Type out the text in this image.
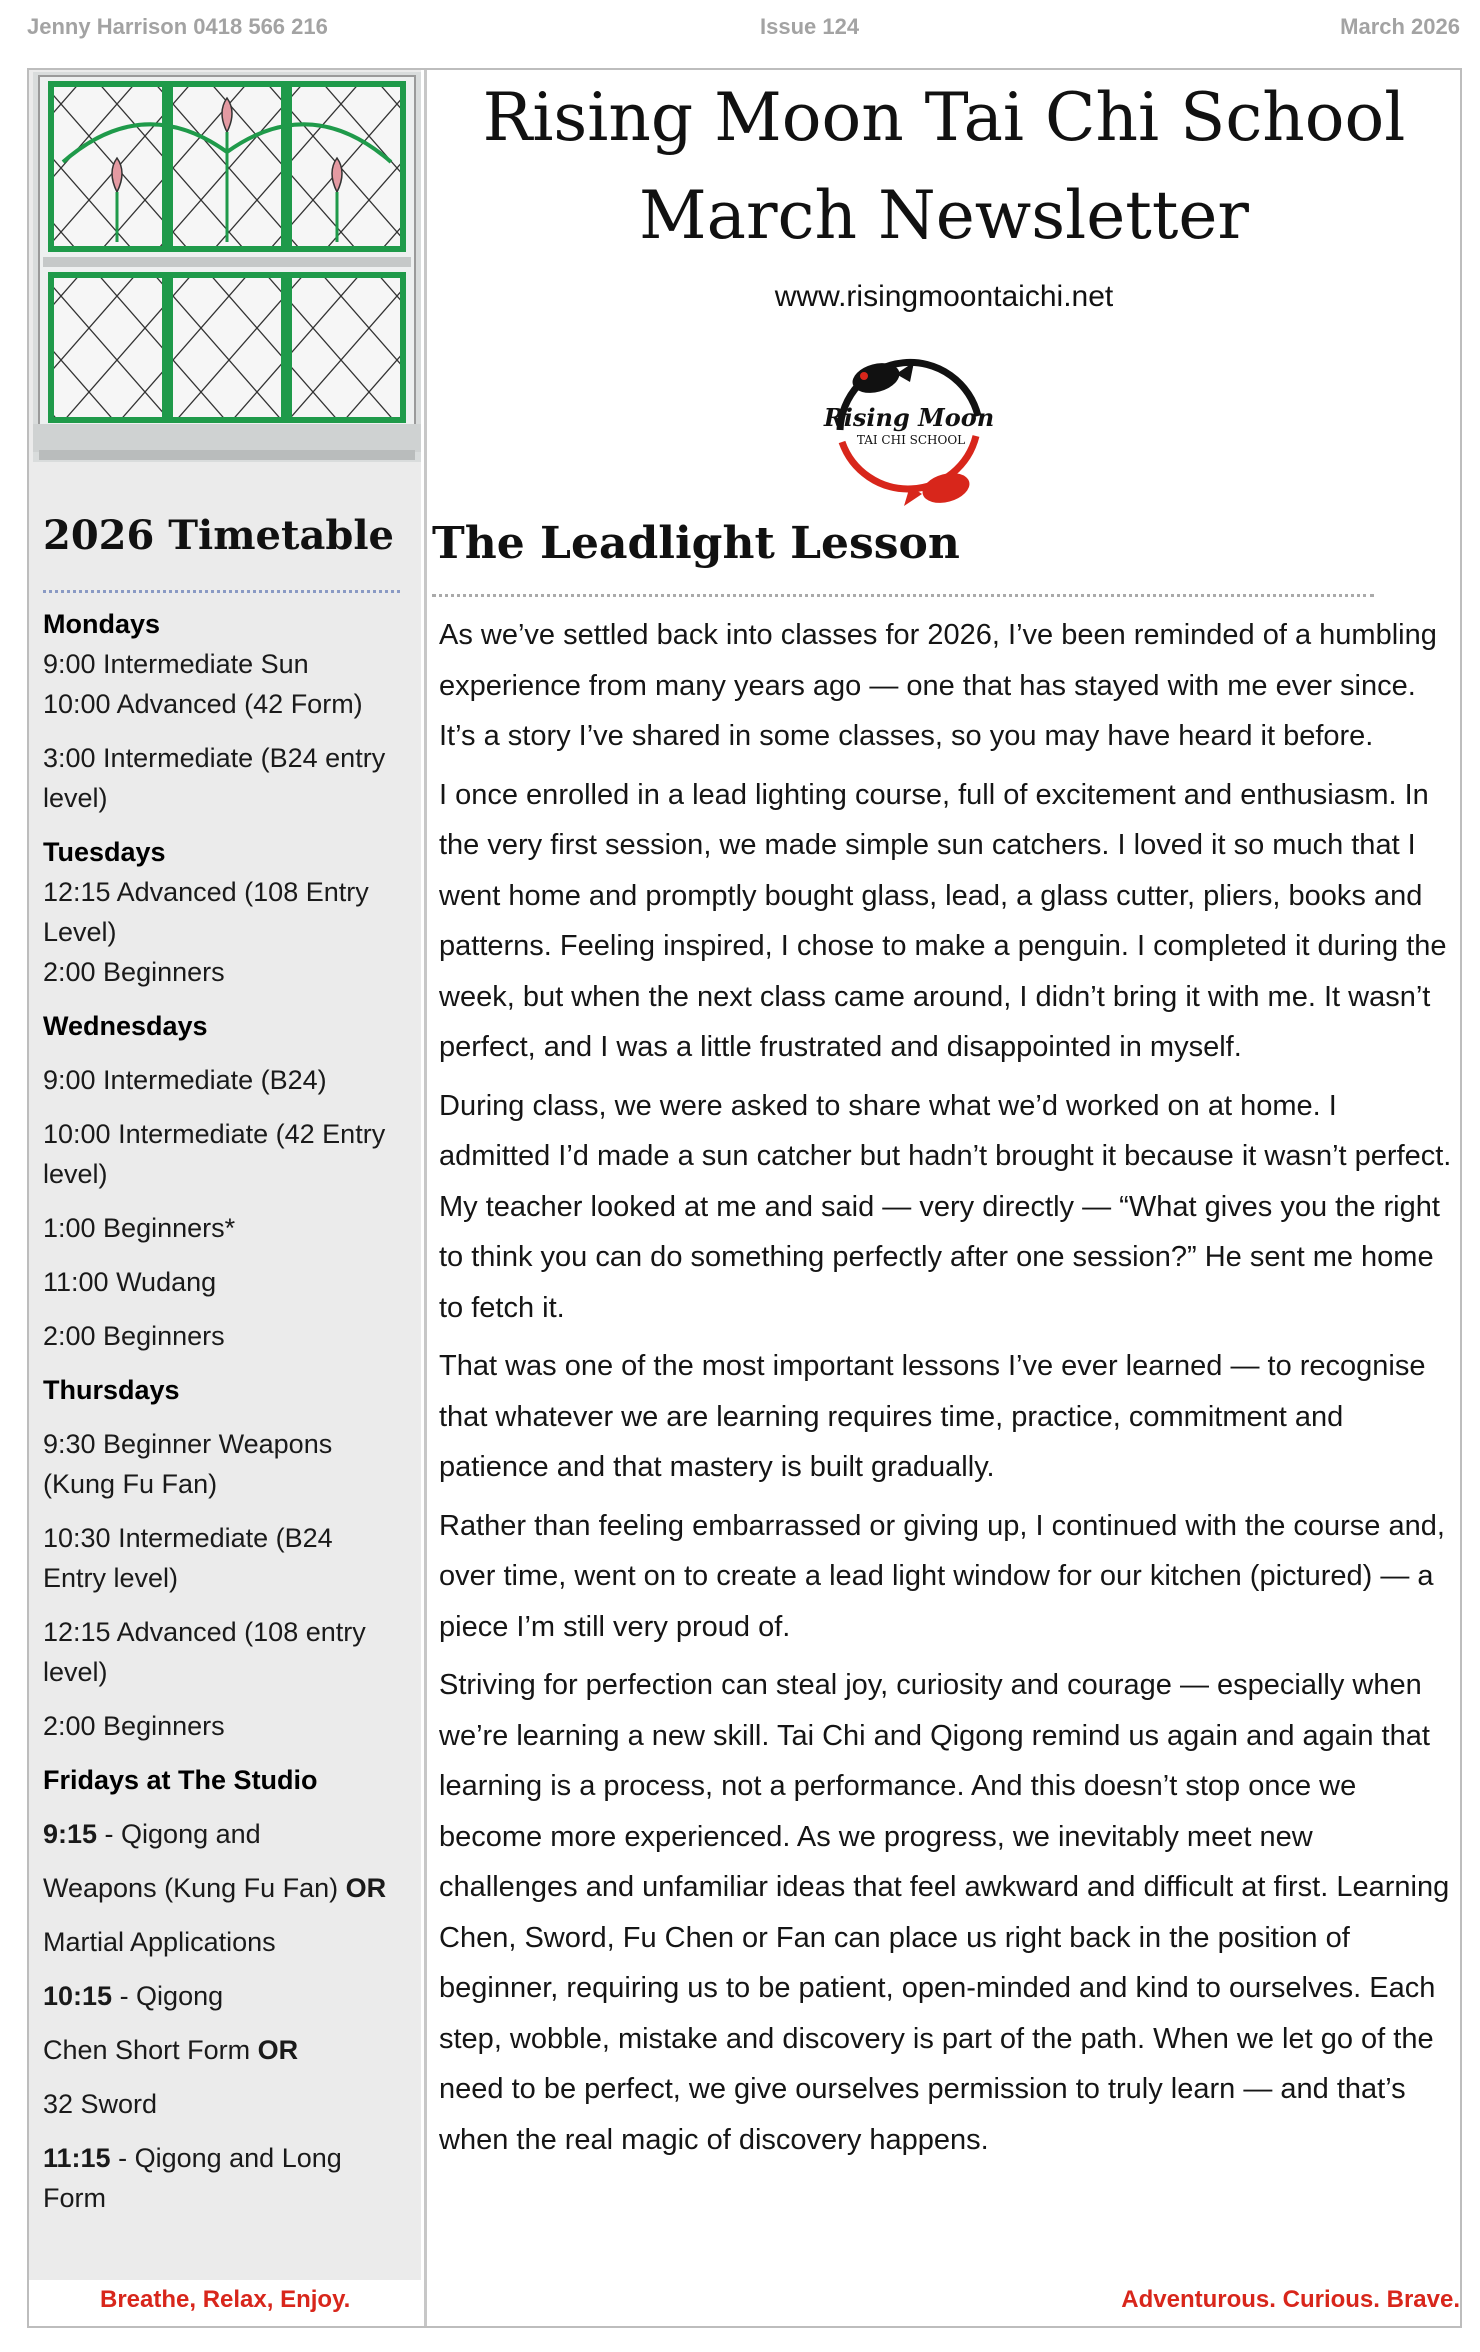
Jenny Harrison 0418 566 216	Issue 124	March 2026
2026 Timetable
Mondays
9:00 Intermediate Sun
10:00 Advanced (42 Form)
3:00 Intermediate (B24 entry level)
Tuesdays
12:15 Advanced (108 Entry Level)
2:00 Beginners
Wednesdays
9:00 Intermediate (B24)
10:00 Intermediate (42 Entry level)
1:00 Beginners*
11:00 Wudang
2:00 Beginners
Thursdays
9:30 Beginner Weapons (Kung Fu Fan)
10:30 Intermediate (B24 Entry level)
12:15 Advanced (108 entry level)
2:00 Beginners
Fridays at The Studio
9:15 - Qigong and
Weapons (Kung Fu Fan) OR
Martial Applications
10:15 - Qigong
Chen Short Form OR
32 Sword
11:15 - Qigong and Long Form
Rising Moon Tai Chi School
March Newsletter
www.risingmoontaichi.net
Rising Moon
TAI CHI SCHOOL
The Leadlight Lesson

As we’ve settled back into classes for 2026, I’ve been reminded of a humbling experience from many years ago — one that has stayed with me ever since. It’s a story I’ve shared in some classes, so you may have heard it before.

I once enrolled in a lead lighting course, full of excitement and enthusiasm. In the very first session, we made simple sun catchers. I loved it so much that I went home and promptly bought glass, lead, a glass cutter, pliers, books and patterns. Feeling inspired, I chose to make a penguin. I completed it during the week, but when the next class came around, I didn’t bring it with me. It wasn’t perfect, and I was a little frustrated and disappointed in myself.

During class, we were asked to share what we’d worked on at home. I admitted I’d made a sun catcher but hadn’t brought it because it wasn’t perfect. My teacher looked at me and said — very directly — “What gives you the right to think you can do something perfectly after one session?” He sent me home to fetch it.

That was one of the most important lessons I’ve ever learned — to recognise that whatever we are learning requires time, practice, commitment and patience and that mastery is built gradually.

Rather than feeling embarrassed or giving up, I continued with the course and, over time, went on to create a lead light window for our kitchen (pictured) — a piece I’m still very proud of.

Striving for perfection can steal joy, curiosity and courage — especially when we’re learning a new skill. Tai Chi and Qigong remind us again and again that learning is a process, not a performance. And this doesn’t stop once we become more experienced. As we progress, we inevitably meet new challenges and unfamiliar ideas that feel awkward and difficult at first. Learning Chen, Sword, Fu Chen or Fan can place us right back in the position of beginner, requiring us to be patient, open-minded and kind to ourselves. Each step, wobble, mistake and discovery is part of the path. When we let go of the need to be perfect, we give ourselves permission to truly learn — and that’s when the real magic of discovery happens.

Breathe, Relax, Enjoy.	Adventurous. Curious. Brave.
